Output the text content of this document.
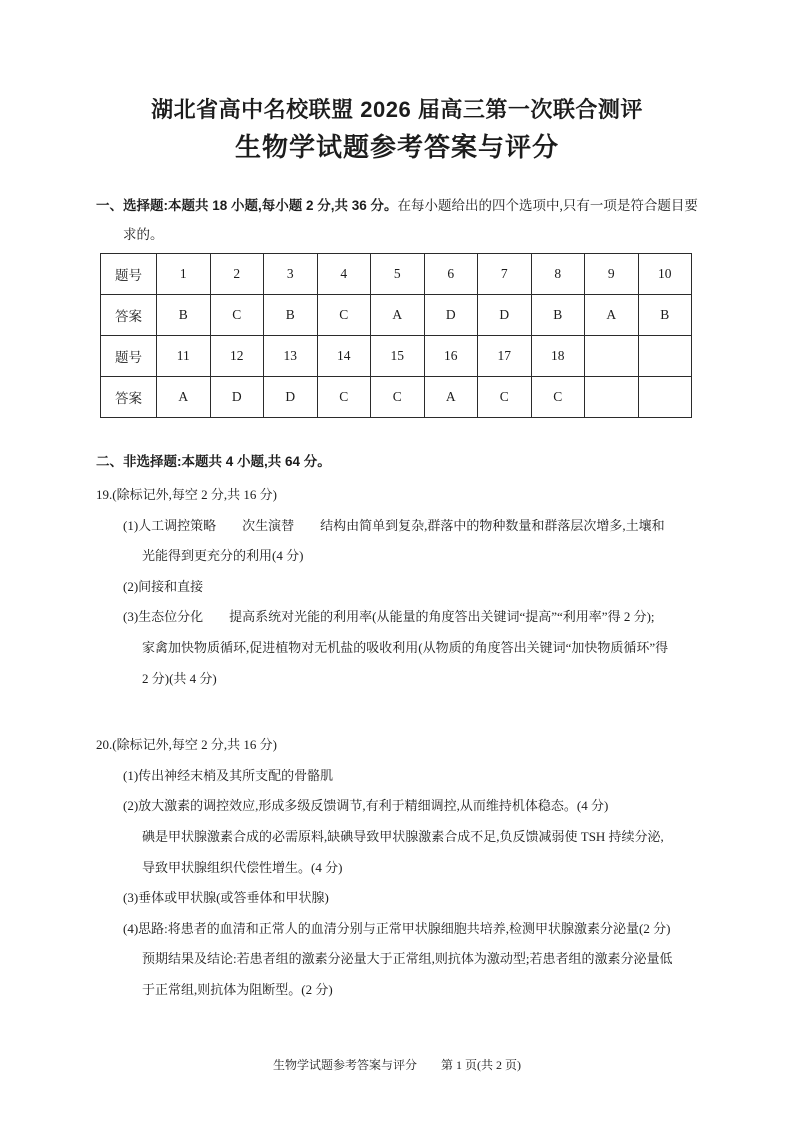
湖北省高中名校联盟 2026 届高三第一次联合测评
生物学试题参考答案与评分
一、选择题:本题共 18 小题,每小题 2 分,共 36 分。在每小题给出的四个选项中,只有一项是符合题目要
求的。
题号	1	2	3	4	5	6	7	8	9	10
答案	B	C	B	C	A	D	D	B	A	B
题号	11	12	13	14	15	16	17	18		
答案	A	D	D	C	C	A	C	C		
二、非选择题:本题共 4 小题,共 64 分。
19.(除标记外,每空 2 分,共 16 分)
(1)人工调控策略　　次生演替　　结构由简单到复杂,群落中的物种数量和群落层次增多,土壤和
光能得到更充分的利用(4 分)
(2)间接和直接
(3)生态位分化　　提高系统对光能的利用率(从能量的角度答出关键词“提高”“利用率”得 2 分);
家禽加快物质循环,促进植物对无机盐的吸收利用(从物质的角度答出关键词“加快物质循环”得
2 分)(共 4 分)
20.(除标记外,每空 2 分,共 16 分)
(1)传出神经末梢及其所支配的骨骼肌
(2)放大激素的调控效应,形成多级反馈调节,有利于精细调控,从而维持机体稳态。(4 分)
碘是甲状腺激素合成的必需原料,缺碘导致甲状腺激素合成不足,负反馈减弱使 TSH 持续分泌,
导致甲状腺组织代偿性增生。(4 分)
(3)垂体或甲状腺(或答垂体和甲状腺)
(4)思路:将患者的血清和正常人的血清分别与正常甲状腺细胞共培养,检测甲状腺激素分泌量(2 分)
预期结果及结论:若患者组的激素分泌量大于正常组,则抗体为激动型;若患者组的激素分泌量低
于正常组,则抗体为阻断型。(2 分)
生物学试题参考答案与评分　　第 1 页(共 2 页)
